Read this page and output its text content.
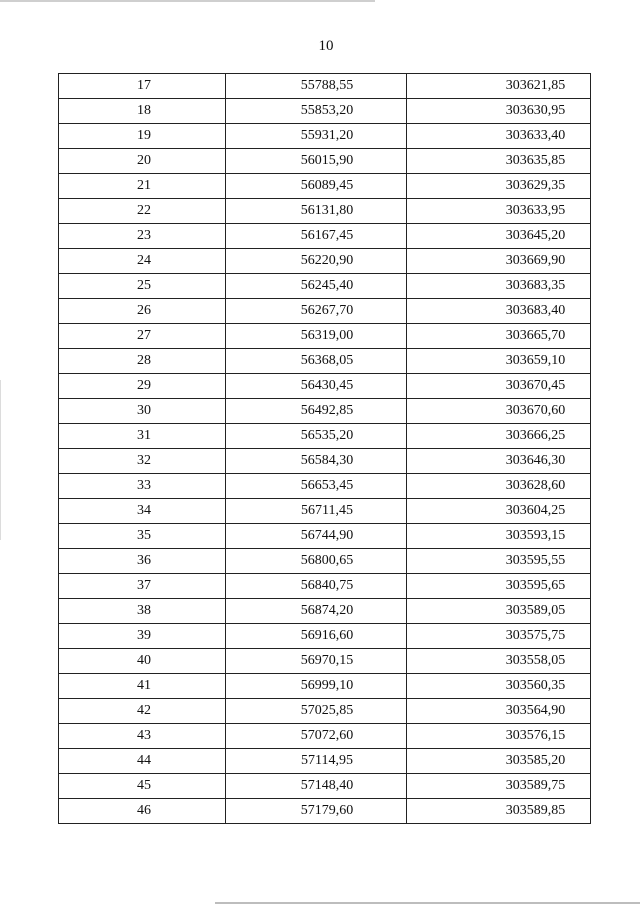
10
17	55788,55	303621,85
18	55853,20	303630,95
19	55931,20	303633,40
20	56015,90	303635,85
21	56089,45	303629,35
22	56131,80	303633,95
23	56167,45	303645,20
24	56220,90	303669,90
25	56245,40	303683,35
26	56267,70	303683,40
27	56319,00	303665,70
28	56368,05	303659,10
29	56430,45	303670,45
30	56492,85	303670,60
31	56535,20	303666,25
32	56584,30	303646,30
33	56653,45	303628,60
34	56711,45	303604,25
35	56744,90	303593,15
36	56800,65	303595,55
37	56840,75	303595,65
38	56874,20	303589,05
39	56916,60	303575,75
40	56970,15	303558,05
41	56999,10	303560,35
42	57025,85	303564,90
43	57072,60	303576,15
44	57114,95	303585,20
45	57148,40	303589,75
46	57179,60	303589,85
